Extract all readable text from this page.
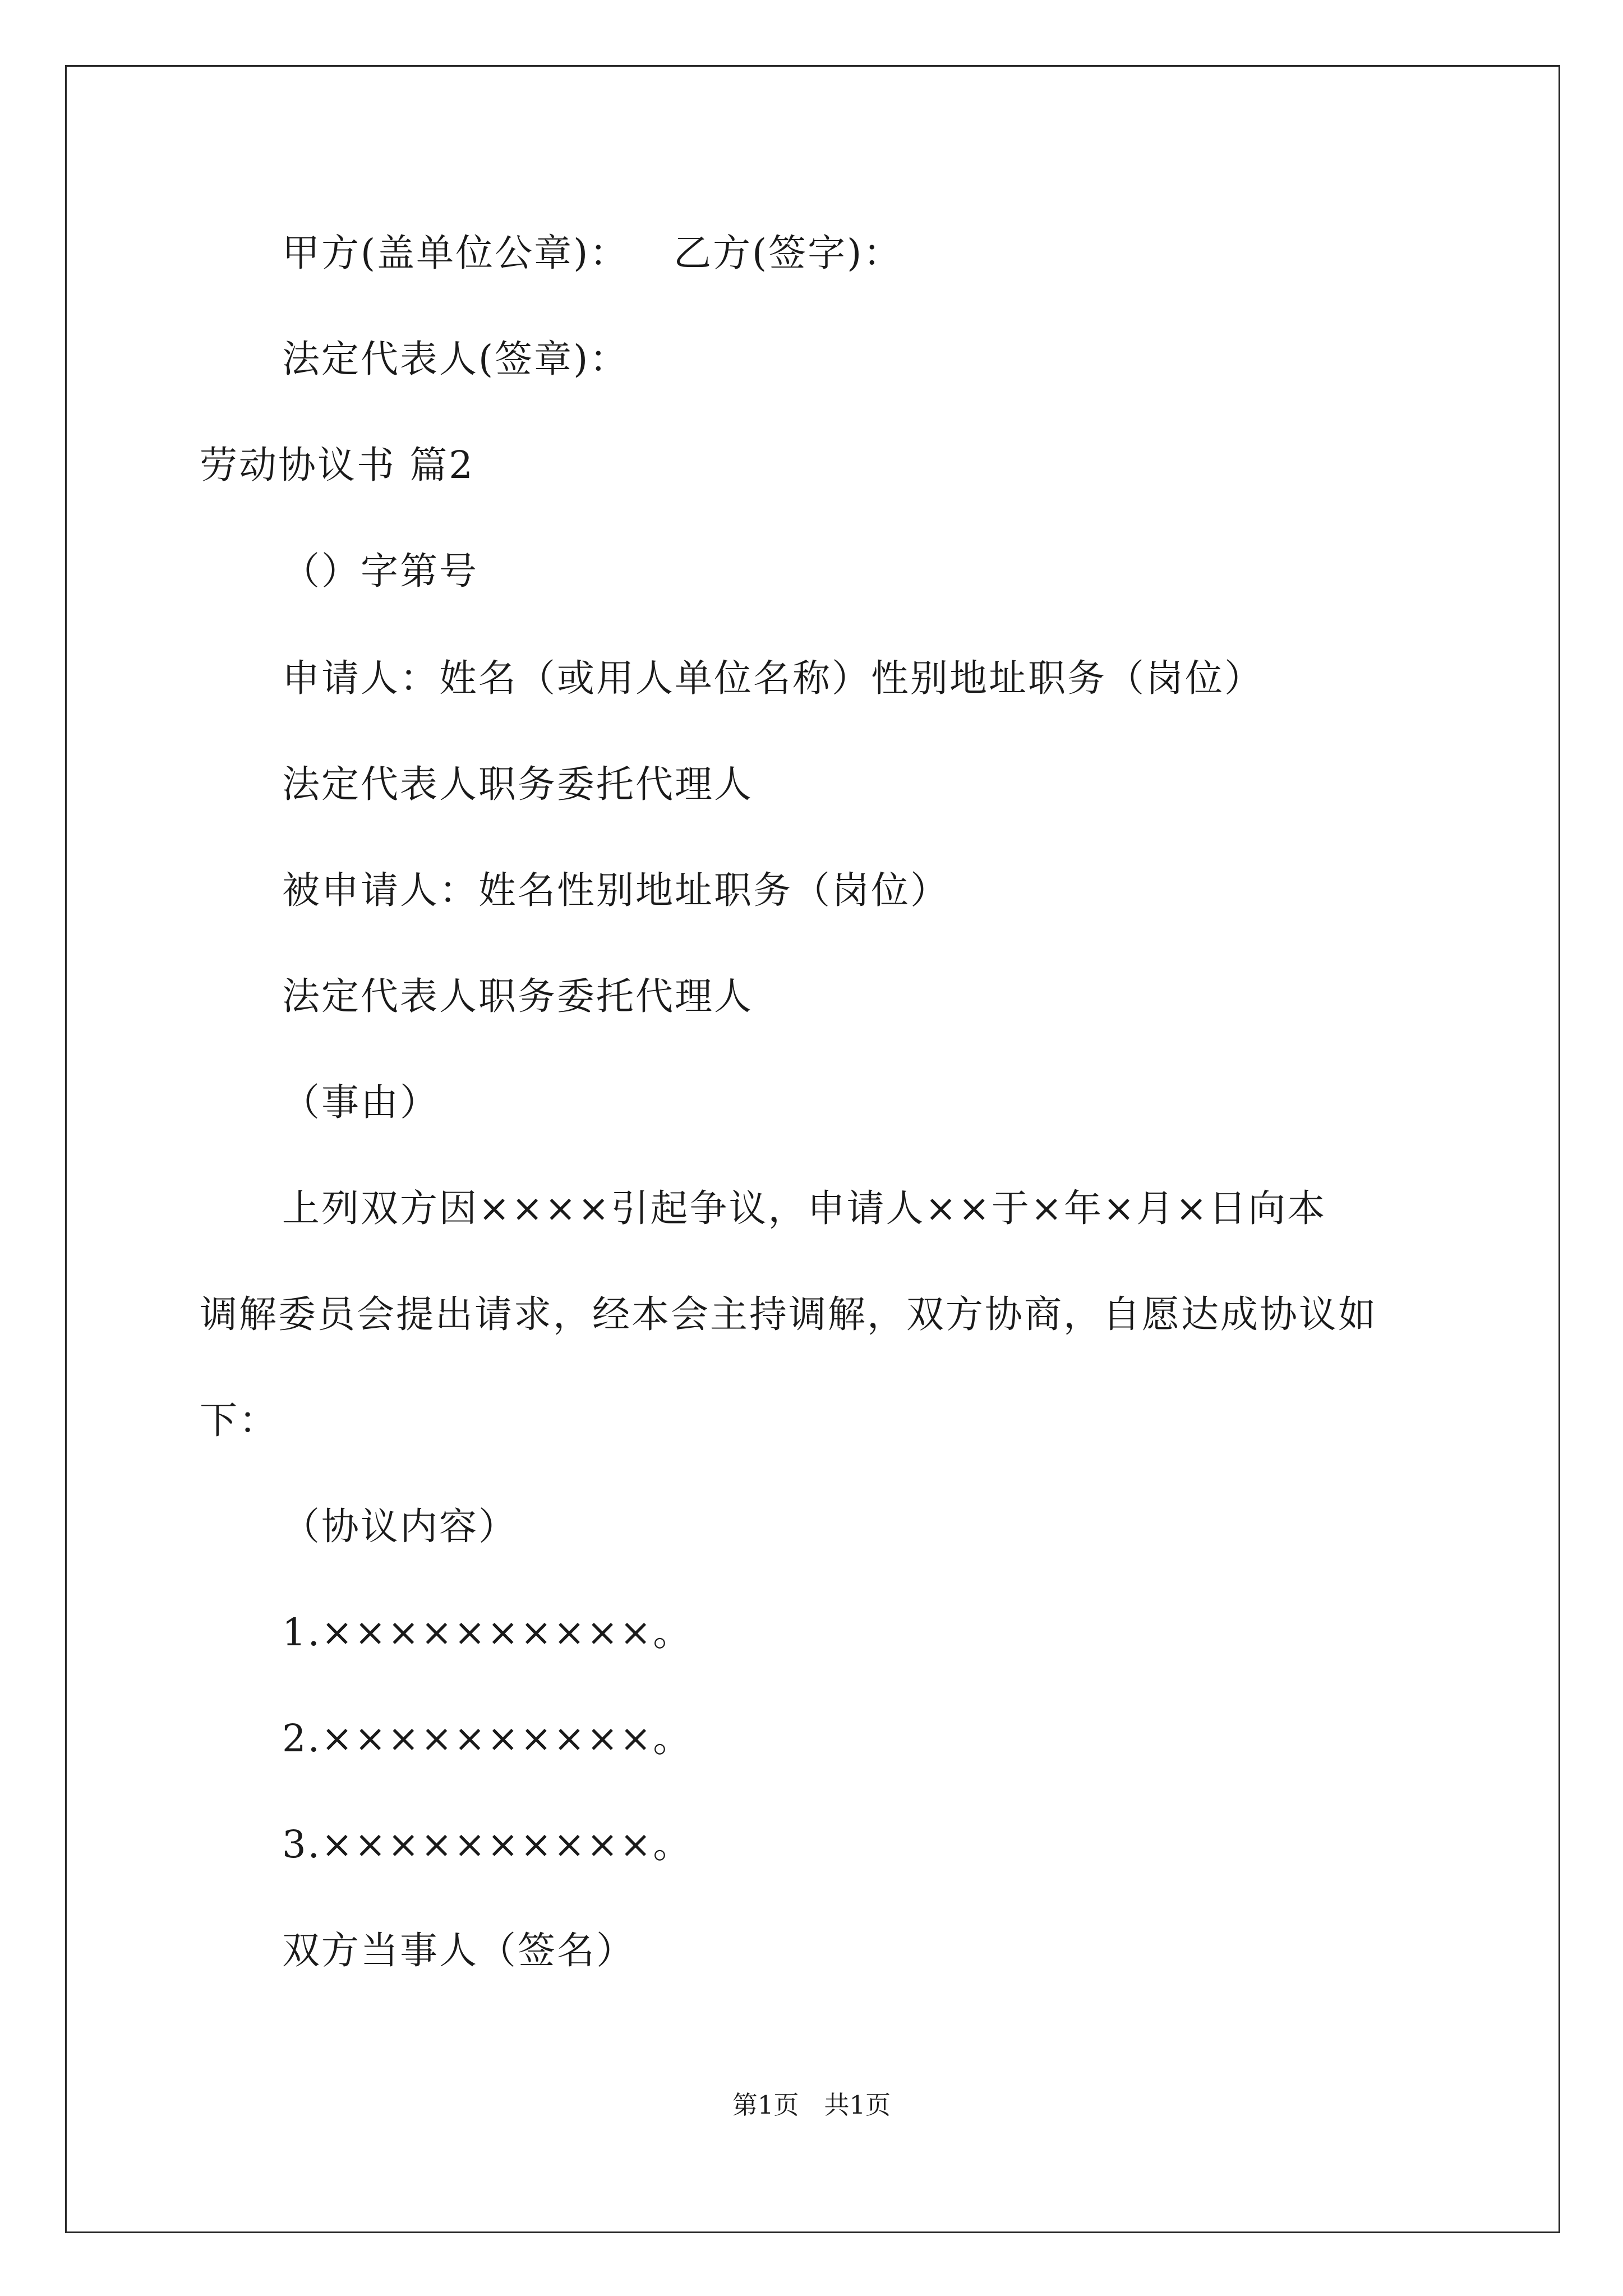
甲方(盖单位公章)： 乙方(签字)：
法定代表人(签章)：
劳动协议书 篇2
（）字第号
申请人：姓名（或用人单位名称）性别地址职务（岗位）
法定代表人职务委托代理人
被申请人：姓名性别地址职务（岗位）
法定代表人职务委托代理人
（事由）
上列双方因××××引起争议，申请人××于×年×月×日向本
调解委员会提出请求，经本会主持调解，双方协商，自愿达成协议如
下：
（协议内容）
1.××××××××××。
2.××××××××××。
3.××××××××××。
双方当事人（签名）
第1页　共1页
